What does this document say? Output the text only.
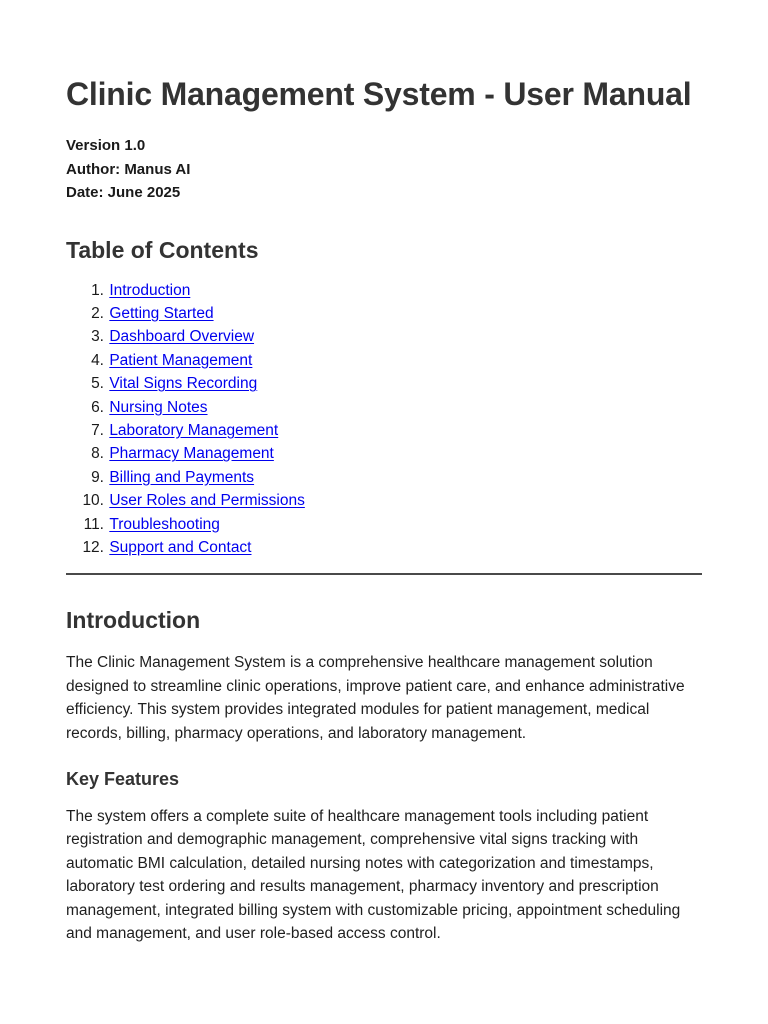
Clinic Management System - User Manual
Version 1.0
Author: Manus AI
Date: June 2025
Table of Contents
1.
Introduction
2.
Getting Started
3.
Dashboard Overview
4.
Patient Management
5.
Vital Signs Recording
6.
Nursing Notes
7.
Laboratory Management
8.
Pharmacy Management
9.
Billing and Payments
10.
User Roles and Permissions
11.
Troubleshooting
12.
Support and Contact
Introduction

The Clinic Management System is a comprehensive healthcare management solution designed to streamline clinic operations, improve patient care, and enhance administrative efficiency. This system provides integrated modules for patient management, medical records, billing, pharmacy operations, and laboratory management.

Key Features

The system offers a complete suite of healthcare management tools including patient registration and demographic management, comprehensive vital signs tracking with automatic BMI calculation, detailed nursing notes with categorization and timestamps, laboratory test ordering and results management, pharmacy inventory and prescription management, integrated billing system with customizable pricing, appointment scheduling and management, and user role-based access control.
